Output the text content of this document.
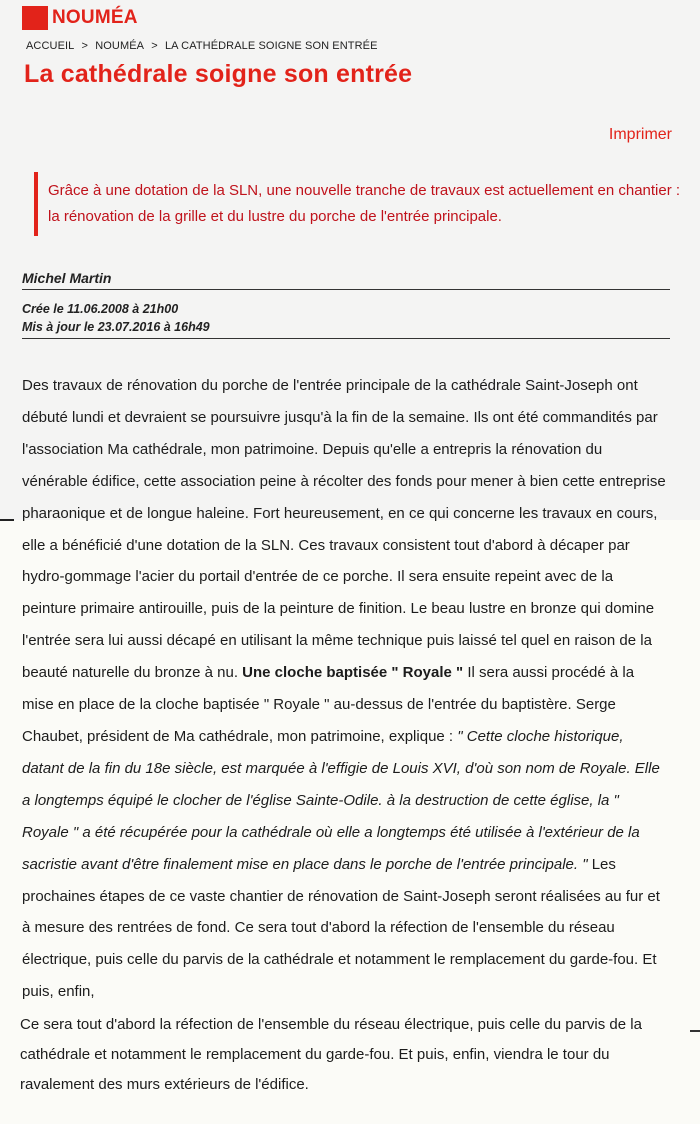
NOUMÉA
ACCUEIL > NOUMÉA > LA CATHÉDRALE SOIGNE SON ENTRÉE
La cathédrale soigne son entrée
Imprimer
Grâce à une dotation de la SLN, une nouvelle tranche de travaux est actuellement en chantier : la rénovation de la grille et du lustre du porche de l'entrée principale.
Michel Martin
Crée le 11.06.2008 à 21h00
Mis à jour le 23.07.2016 à 16h49

Des travaux de rénovation du porche de l'entrée principale de la cathédrale Saint-Joseph ont débuté lundi et devraient se poursuivre jusqu'à la fin de la semaine. Ils ont été commandités par l'association Ma cathédrale, mon patrimoine. Depuis qu'elle a entrepris la rénovation du vénérable édifice, cette association peine à récolter des fonds pour mener à bien cette entreprise pharaonique et de longue haleine. Fort heureusement, en ce qui concerne les travaux en cours, elle a bénéficié d'une dotation de la SLN. Ces travaux consistent tout d'abord à décaper par hydro-gommage l'acier du portail d'entrée de ce porche. Il sera ensuite repeint avec de la peinture primaire antirouille, puis de la peinture de finition. Le beau lustre en bronze qui domine l'entrée sera lui aussi décapé en utilisant la même technique puis laissé tel quel en raison de la beauté naturelle du bronze à nu. Une cloche baptisée " Royale " Il sera aussi procédé à la mise en place de la cloche baptisée " Royale " au-dessus de l'entrée du baptistère. Serge Chaubet, président de Ma cathédrale, mon patrimoine, explique : " Cette cloche historique, datant de la fin du 18e siècle, est marquée à l'effigie de Louis XVI, d'où son nom de Royale. Elle a longtemps équipé le clocher de l'église Sainte-Odile. à la destruction de cette église, la " Royale " a été récupérée pour la cathédrale où elle a longtemps été utilisée à l'extérieur de la sacristie avant d'être finalement mise en place dans le porche de l'entrée principale. " Les prochaines étapes de ce vaste chantier de rénovation de Saint-Joseph seront réalisées au fur et à mesure des rentrées de fond. Ce sera tout d'abord la réfection de l'ensemble du réseau électrique, puis celle du parvis de la cathédrale et notamment le remplacement du garde-fou. Et puis, enfin,

Ce sera tout d'abord la réfection de l'ensemble du réseau électrique, puis celle du parvis de la cathédrale et notamment le remplacement du garde-fou. Et puis, enfin, viendra le tour du ravalement des murs extérieurs de l'édifice.
